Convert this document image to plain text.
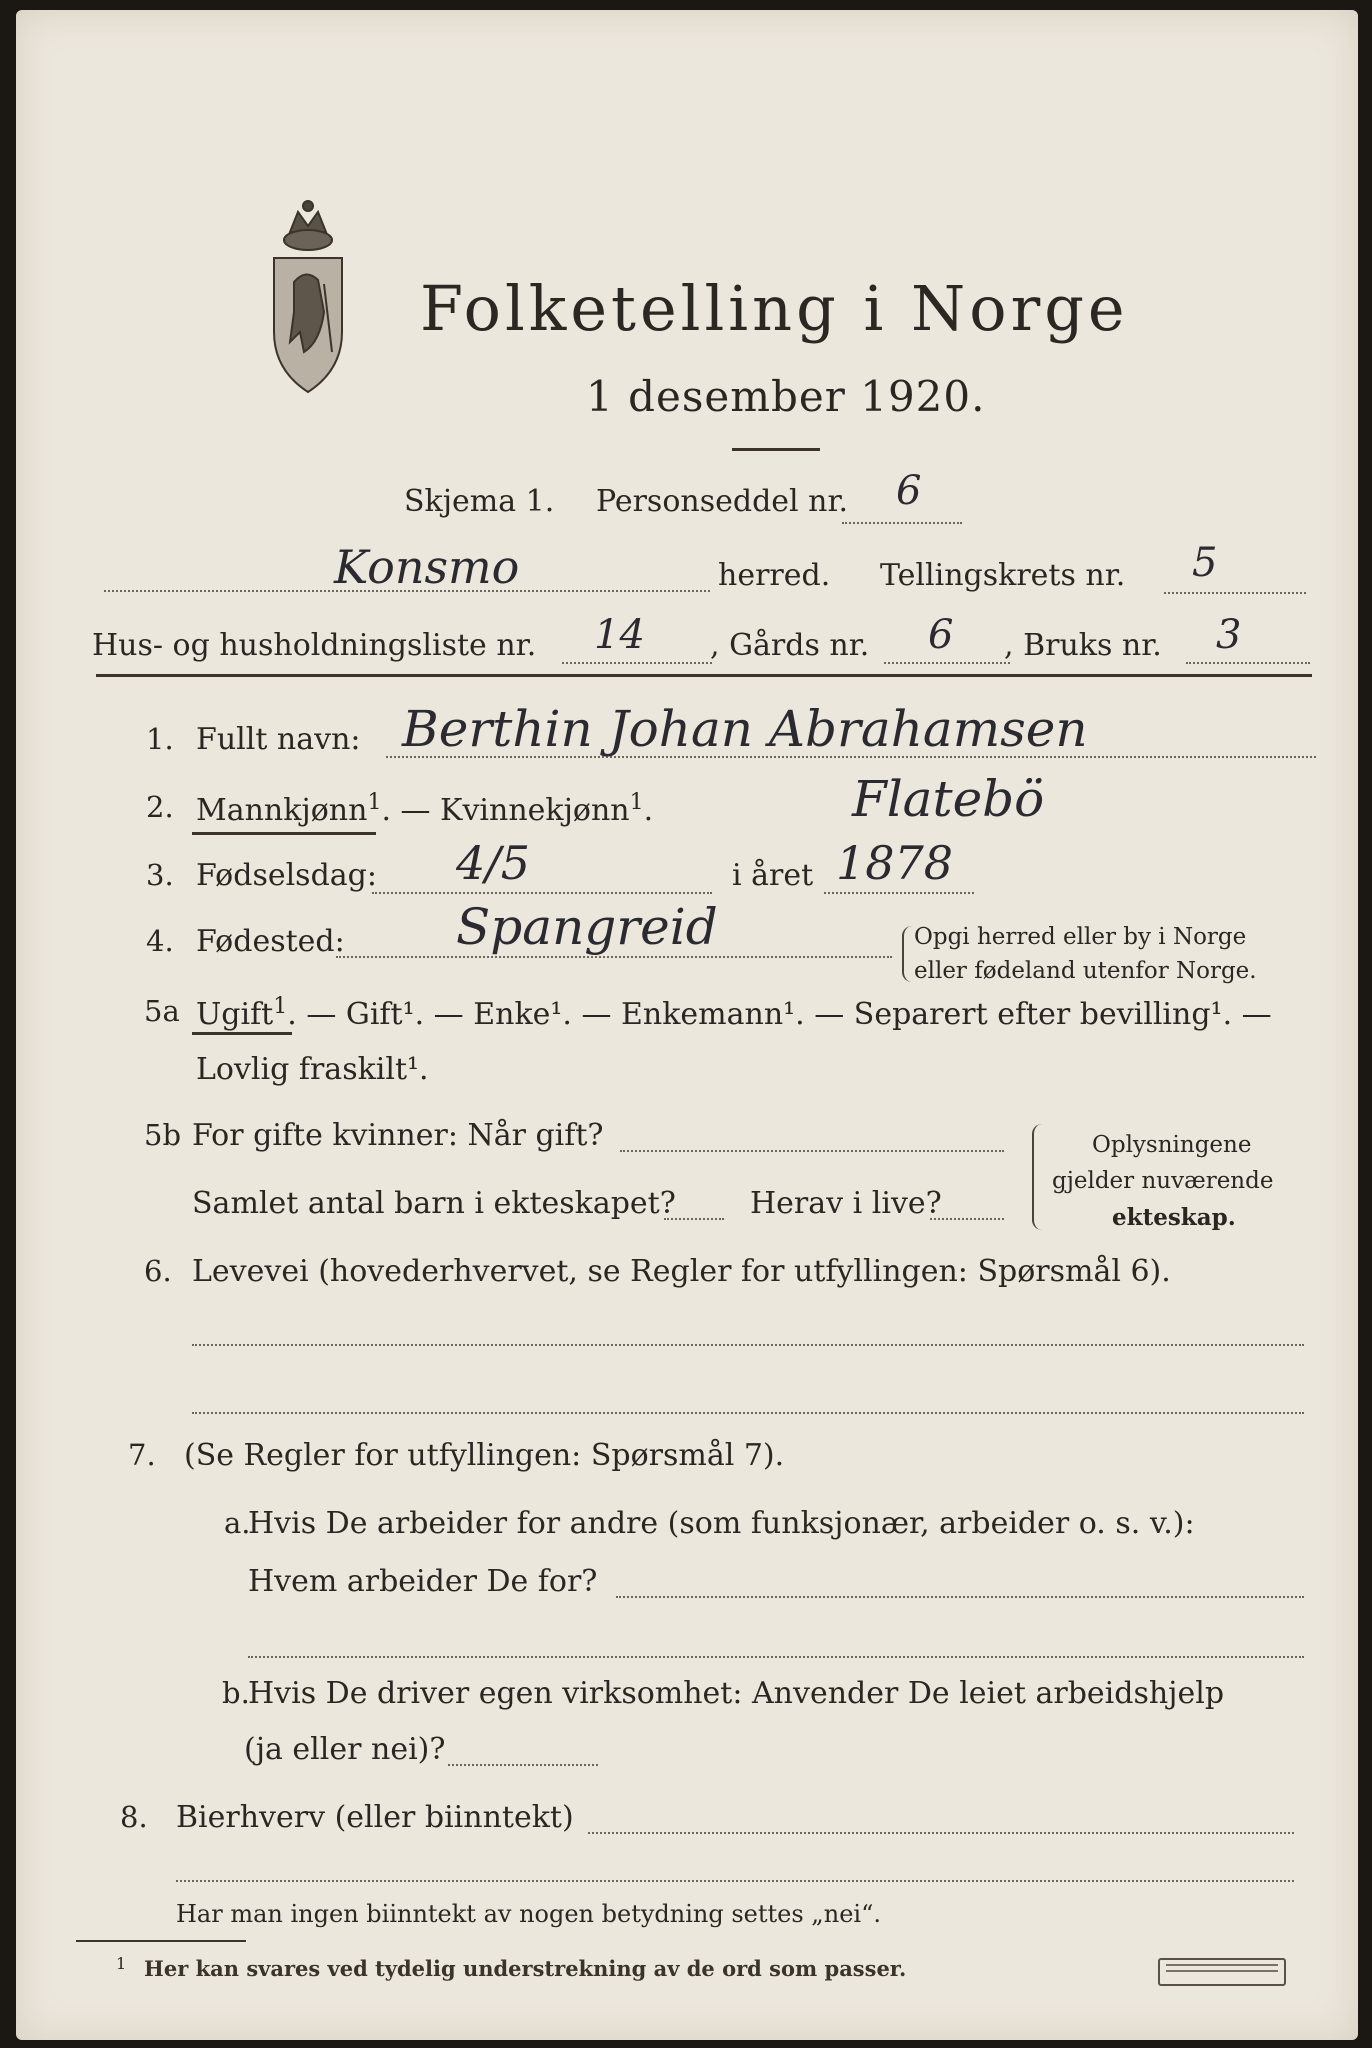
Folketelling i Norge
1 desember 1920.
Skjema 1. Personseddel nr. 6
Konsmo	herred. Tellingskrets nr. 5
Hus- og husholdningsliste nr. 14 , Gårds nr. 6 , Bruks nr. 3
1. Fullt navn: Berthin Johan Abrahamsen
2. Mannkjønn$^1$. — Kvinnekjønn$^1$.	Flatebö
3. Fødselsdag: 4/5	i året 1878
4. Fødested: Spangreid	Opgi herred eller by i Norge
eller fødeland utenfor Norge.
5a Ugift$^1$. — Gift¹. — Enke¹. — Enkemann¹. — Separert efter bevilling¹. —
Lovlig fraskilt¹.
5b For gifte kvinner: Når gift?
Samlet antal barn i ekteskapet? Herav i live?
Oplysningene
gjelder nuværende
ekteskap.
6. Levevei (hovederhvervet, se Regler for utfyllingen: Spørsmål 6).
7. (Se Regler for utfyllingen: Spørsmål 7).
a.
Hvis De arbeider for andre (som funksjonær, arbeider o. s. v.):
Hvem arbeider De for?
b.
Hvis De driver egen virksomhet: Anvender De leiet arbeidshjelp
(ja eller nei)?
8. Bierhverv (eller biinntekt)
Har man ingen biinntekt av nogen betydning settes „nei“.
1 Her kan svares ved tydelig understrekning av de ord som passer.
